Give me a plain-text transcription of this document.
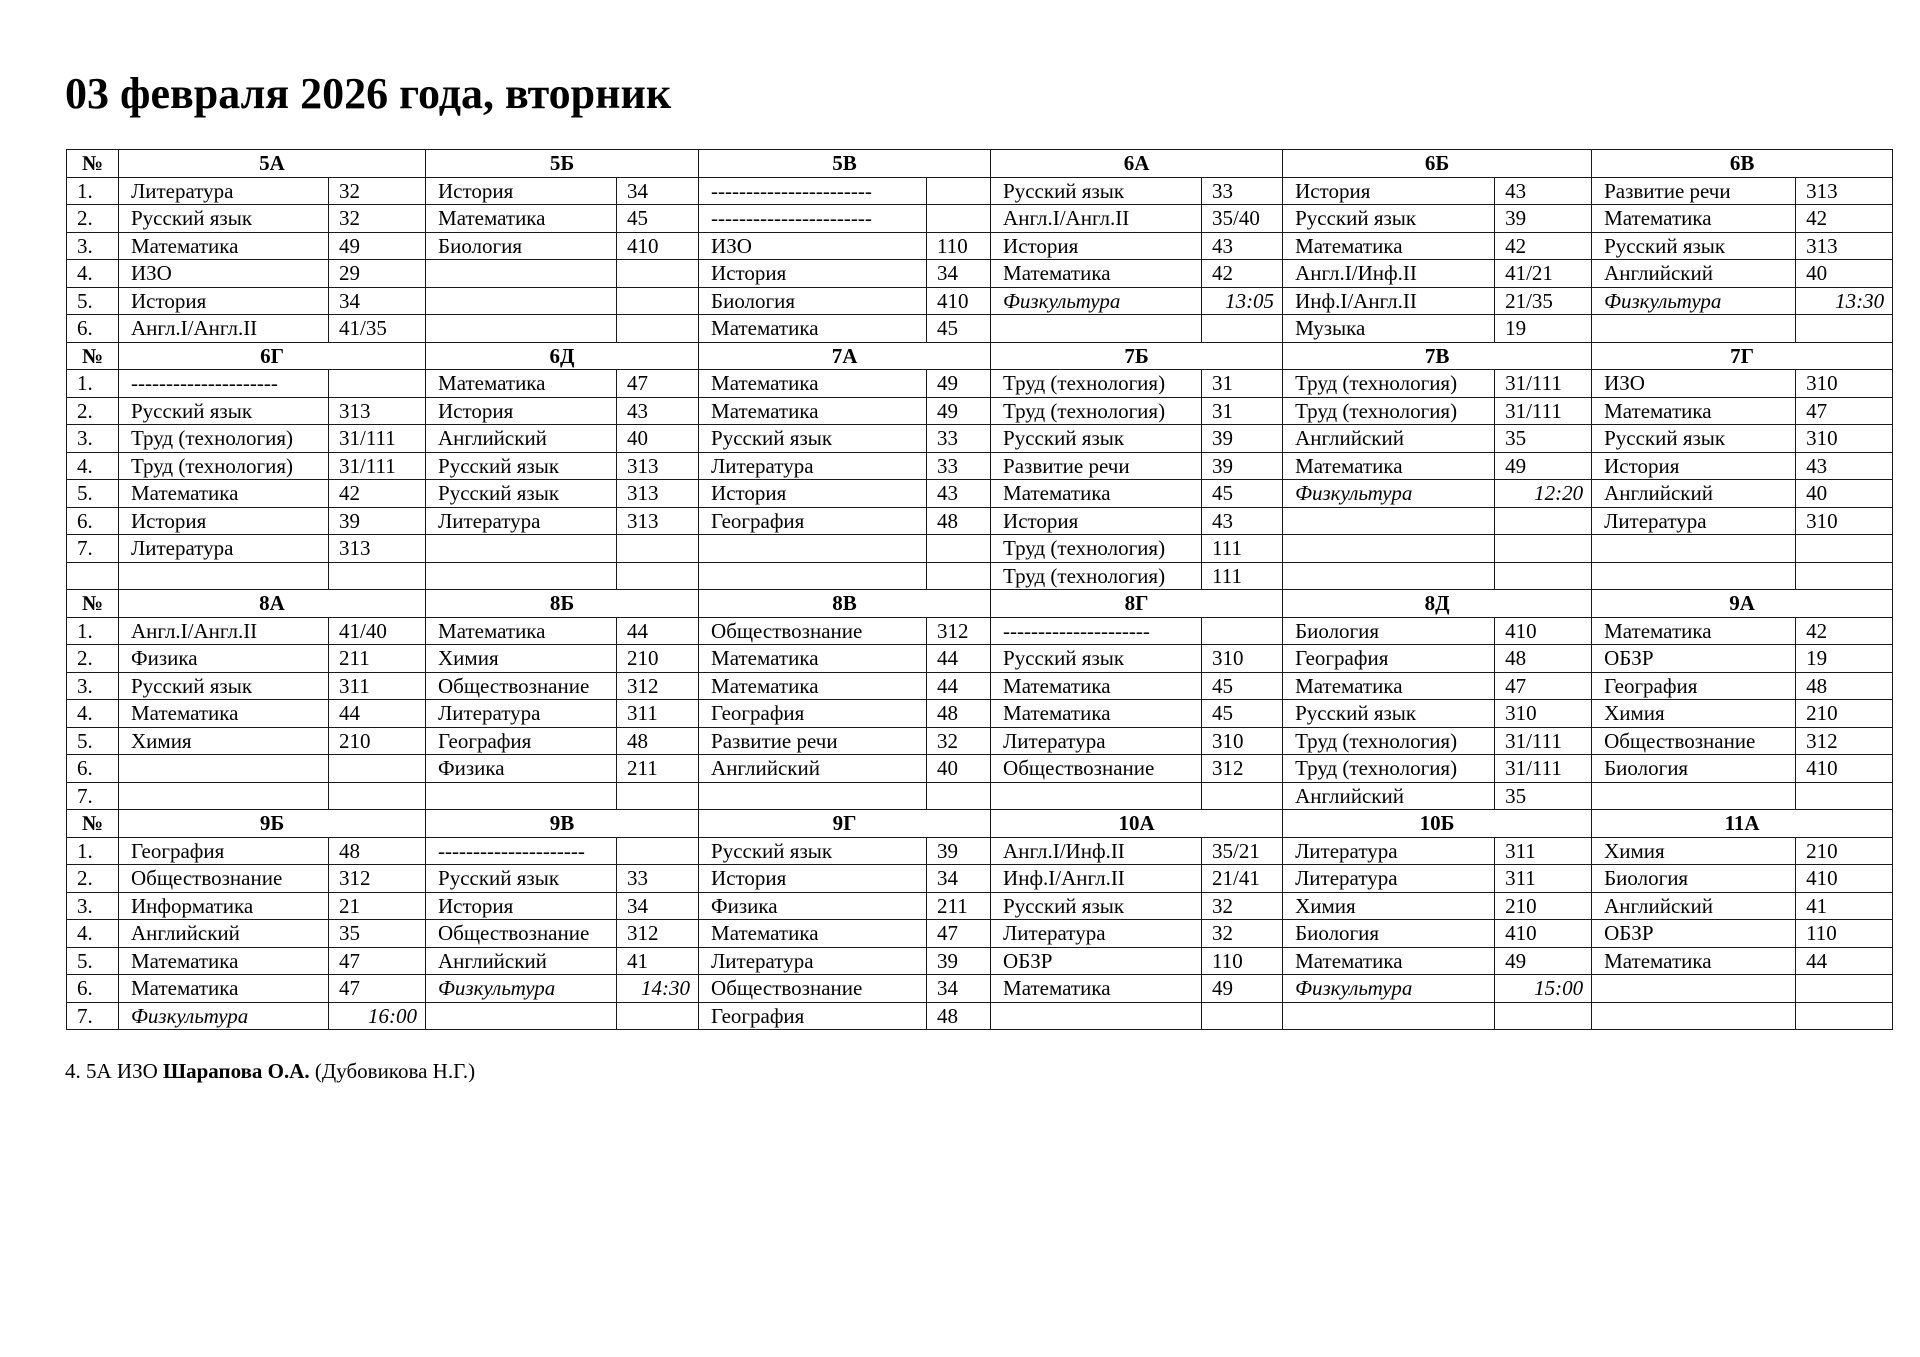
03 февраля 2026 года, вторник
№	5А		5Б		5В		6А		6Б		6В	
1.	Литература	32	История	34	-----------------------		Русский язык	33	История	43	Развитие речи	313
2.	Русский язык	32	Математика	45	-----------------------		Англ.I/Англ.II	35/40	Русский язык	39	Математика	42
3.	Математика	49	Биология	410	ИЗО	110	История	43	Математика	42	Русский язык	313
4.	ИЗО	29			История	34	Математика	42	Англ.I/Инф.II	41/21	Английский	40
5.	История	34			Биология	410	Физкультура	13:05	Инф.I/Англ.II	21/35	Физкультура	13:30
6.	Англ.I/Англ.II	41/35			Математика	45			Музыка	19		
№	6Г		6Д		7А		7Б		7В		7Г	
1.	---------------------		Математика	47	Математика	49	Труд (технология)	31	Труд (технология)	31/111	ИЗО	310
2.	Русский язык	313	История	43	Математика	49	Труд (технология)	31	Труд (технология)	31/111	Математика	47
3.	Труд (технология)	31/111	Английский	40	Русский язык	33	Русский язык	39	Английский	35	Русский язык	310
4.	Труд (технология)	31/111	Русский язык	313	Литература	33	Развитие речи	39	Математика	49	История	43
5.	Математика	42	Русский язык	313	История	43	Математика	45	Физкультура	12:20	Английский	40
6.	История	39	Литература	313	География	48	История	43			Литература	310
7.	Литература	313					Труд (технология)	111				
							Труд (технология)	111				
№	8А		8Б		8В		8Г		8Д		9А	
1.	Англ.I/Англ.II	41/40	Математика	44	Обществознание	312	---------------------		Биология	410	Математика	42
2.	Физика	211	Химия	210	Математика	44	Русский язык	310	География	48	ОБЗР	19
3.	Русский язык	311	Обществознание	312	Математика	44	Математика	45	Математика	47	География	48
4.	Математика	44	Литература	311	География	48	Математика	45	Русский язык	310	Химия	210
5.	Химия	210	География	48	Развитие речи	32	Литература	310	Труд (технология)	31/111	Обществознание	312
6.			Физика	211	Английский	40	Обществознание	312	Труд (технология)	31/111	Биология	410
7.									Английский	35		
№	9Б		9В		9Г		10А		10Б		11А	
1.	География	48	---------------------		Русский язык	39	Англ.I/Инф.II	35/21	Литература	311	Химия	210
2.	Обществознание	312	Русский язык	33	История	34	Инф.I/Англ.II	21/41	Литература	311	Биология	410
3.	Информатика	21	История	34	Физика	211	Русский язык	32	Химия	210	Английский	41
4.	Английский	35	Обществознание	312	Математика	47	Литература	32	Биология	410	ОБЗР	110
5.	Математика	47	Английский	41	Литература	39	ОБЗР	110	Математика	49	Математика	44
6.	Математика	47	Физкультура	14:30	Обществознание	34	Математика	49	Физкультура	15:00		
7.	Физкультура	16:00			География	48						

4. 5А ИЗО Шарапова О.А. (Дубовикова Н.Г.)
